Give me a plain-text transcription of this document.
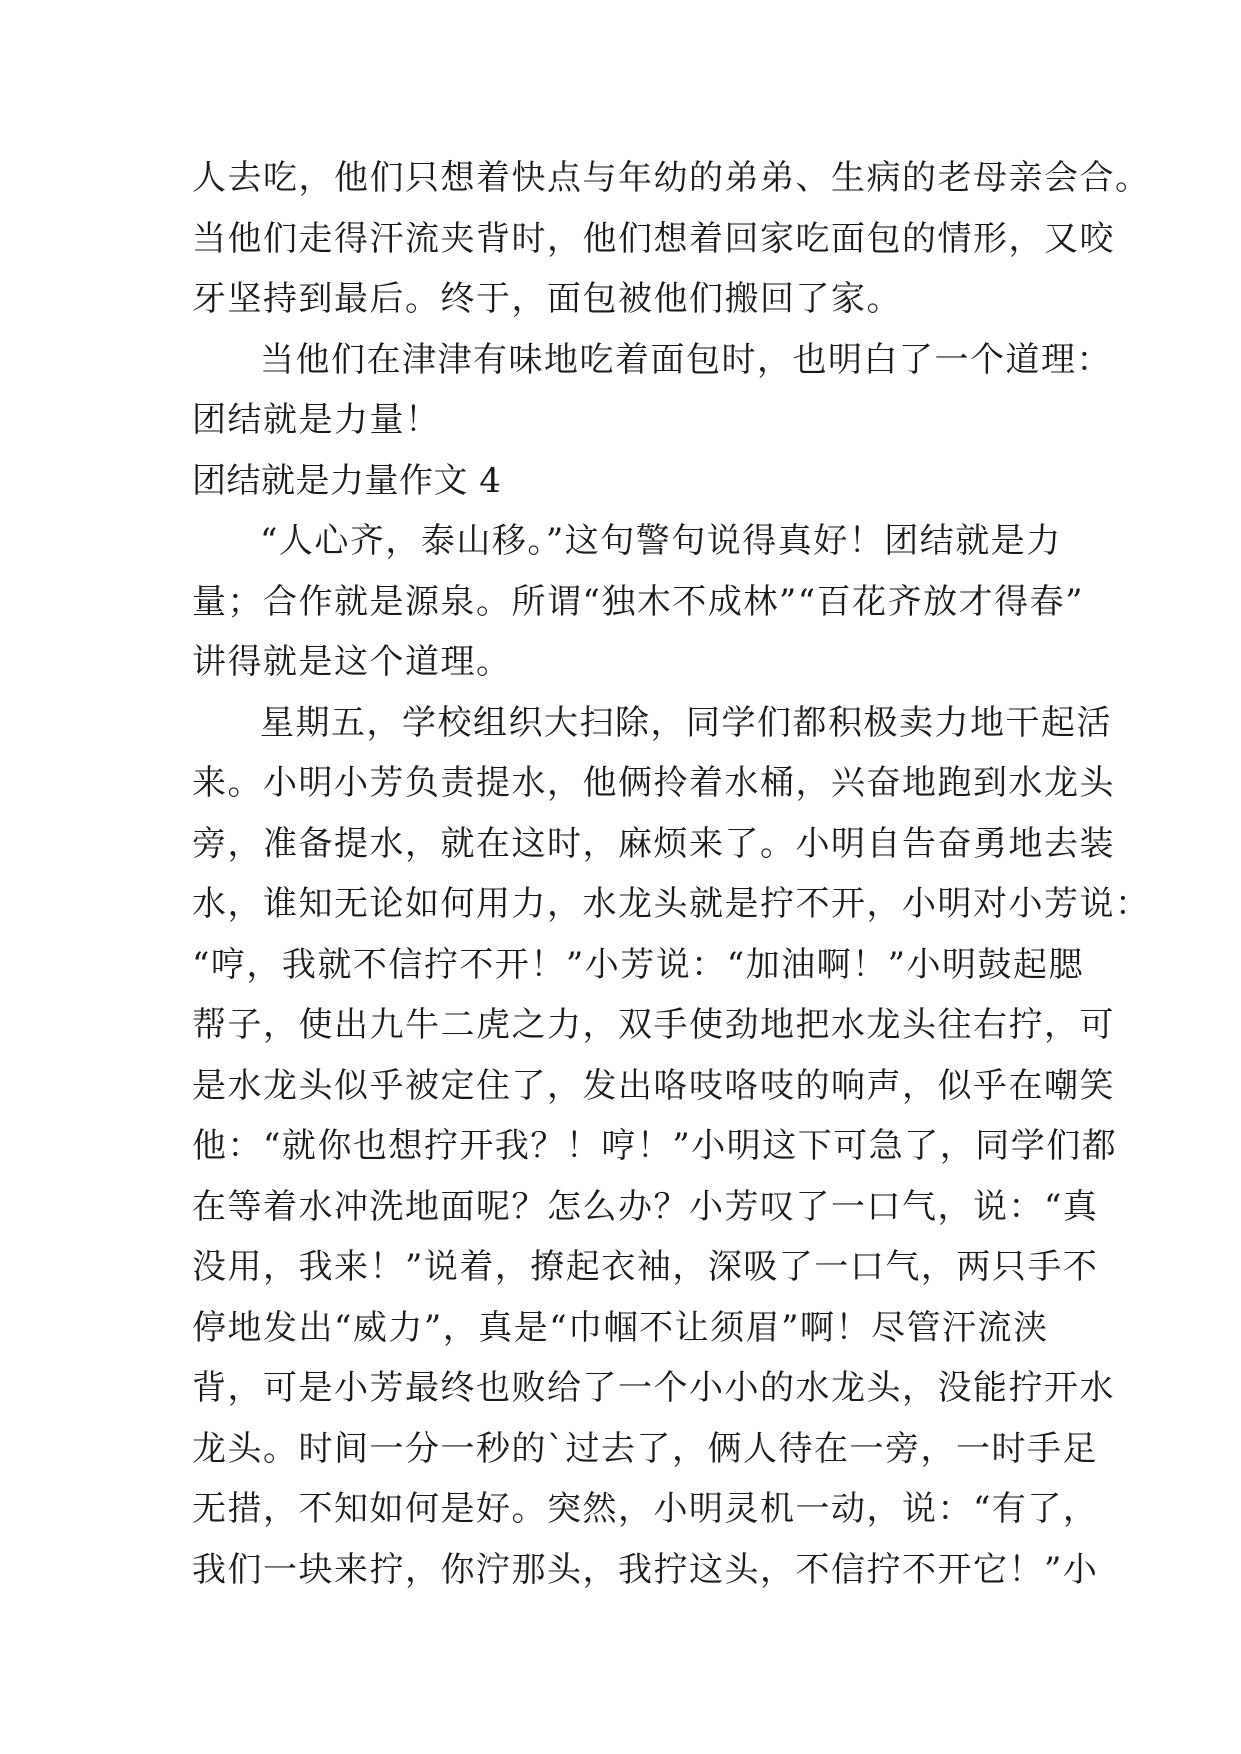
人去吃，他们只想着快点与年幼的弟弟、生病的老母亲会合。
当他们走得汗流夹背时，他们想着回家吃面包的情形，又咬
牙坚持到最后。终于，面包被他们搬回了家。
当他们在津津有味地吃着面包时，也明白了一个道理：
团结就是力量！
团结就是力量作文 4
“人心齐，泰山移。”这句警句说得真好！团结就是力
量；合作就是源泉。所谓“独木不成林”“百花齐放才得春”
讲得就是这个道理。
星期五，学校组织大扫除，同学们都积极卖力地干起活
来。小明小芳负责提水，他俩拎着水桶，兴奋地跑到水龙头
旁，准备提水，就在这时，麻烦来了。小明自告奋勇地去装
水，谁知无论如何用力，水龙头就是拧不开，小明对小芳说：
“哼，我就不信拧不开！”小芳说：“加油啊！”小明鼓起腮
帮子，使出九牛二虎之力，双手使劲地把水龙头往右拧，可
是水龙头似乎被定住了，发出咯吱咯吱的响声，似乎在嘲笑
他：“就你也想拧开我？！哼！”小明这下可急了，同学们都
在等着水冲洗地面呢？怎么办？小芳叹了一口气，说：“真
没用，我来！”说着，撩起衣袖，深吸了一口气，两只手不
停地发出“威力”，真是“巾帼不让须眉”啊！尽管汗流浃
背，可是小芳最终也败给了一个小小的水龙头，没能拧开水
龙头。时间一分一秒的`过去了，俩人待在一旁，一时手足
无措，不知如何是好。突然，小明灵机一动，说：“有了，
我们一块来拧，你泞那头，我拧这头，不信拧不开它！”小
